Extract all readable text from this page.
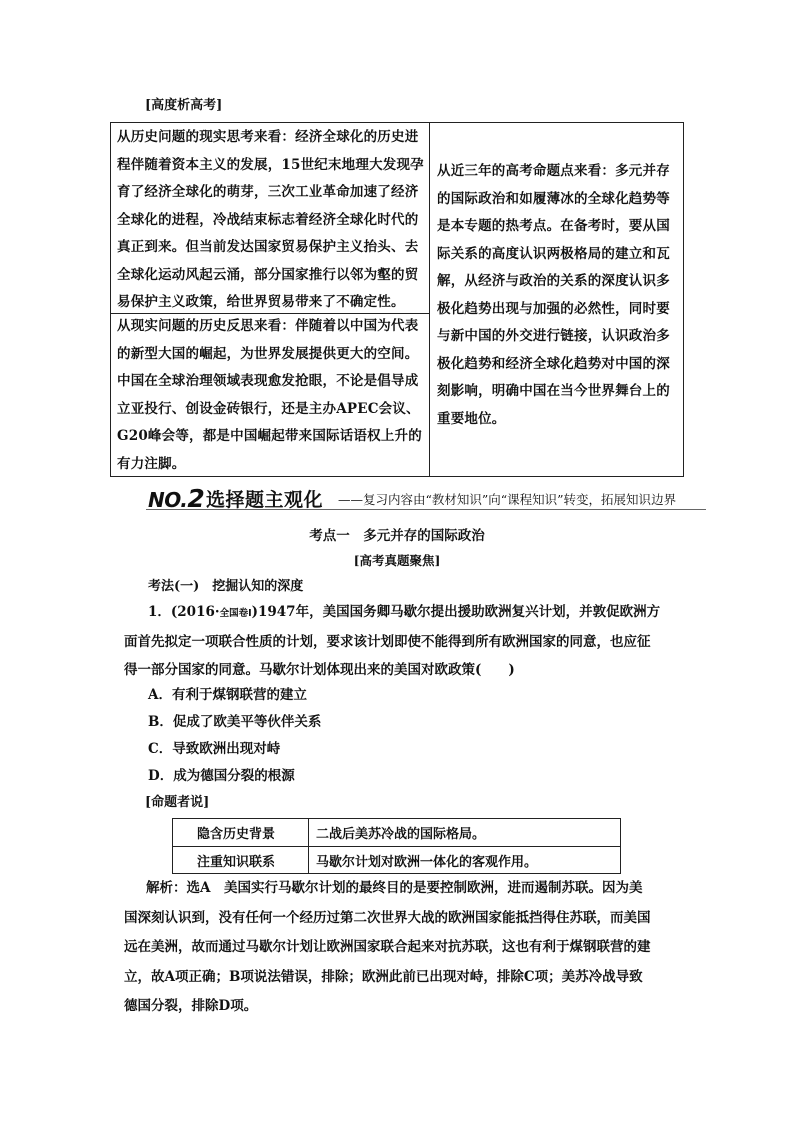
[高度析高考]
从历史问题的现实思考来看：经济全球化的历史进程伴随着资本主义的发展，15世纪末地理大发现孕育了经济全球化的萌芽，三次工业革命加速了经济全球化的进程，冷战结束标志着经济全球化时代的真正到来。但当前发达国家贸易保护主义抬头、去全球化运动风起云涌，部分国家推行以邻为壑的贸易保护主义政策，给世界贸易带来了不确定性。
从现实问题的历史反思来看：伴随着以中国为代表的新型大国的崛起，为世界发展提供更大的空间。中国在全球治理领域表现愈发抢眼，不论是倡导成立亚投行、创设金砖银行，还是主办APEC会议、G20峰会等，都是中国崛起带来国际话语权上升的有力注脚。
从近三年的高考命题点来看：多元并存的国际政治和如履薄冰的全球化趋势等是本专题的热考点。在备考时，要从国际关系的高度认识两极格局的建立和瓦解，从经济与政治的关系的深度认识多极化趋势出现与加强的必然性，同时要与新中国的外交进行链接，认识政治多极化趋势和经济全球化趋势对中国的深刻影响，明确中国在当今世界舞台上的重要地位。
NO.2 选择题主观化 ——复习内容由“教材知识”向“课程知识”转变，拓展知识边界
考点一　多元并存的国际政治
[高考真题聚焦]
考法(一)　挖掘认知的深度
1．(2016·全国卷Ⅰ)1947年，美国国务卿马歇尔提出援助欧洲复兴计划，并敦促欧洲方
面首先拟定一项联合性质的计划，要求该计划即使不能得到所有欧洲国家的同意，也应征
得一部分国家的同意。马歇尔计划体现出来的美国对欧政策(　　)
A．有利于煤钢联营的建立
B．促成了欧美平等伙伴关系
C．导致欧洲出现对峙
D．成为德国分裂的根源
[命题者说]
隐含历史背景	二战后美苏冷战的国际格局。
注重知识联系	马歇尔计划对欧洲一体化的客观作用。
解析：选A　美国实行马歇尔计划的最终目的是要控制欧洲，进而遏制苏联。因为美
国深刻认识到，没有任何一个经历过第二次世界大战的欧洲国家能抵挡得住苏联，而美国
远在美洲，故而通过马歇尔计划让欧洲国家联合起来对抗苏联，这也有利于煤钢联营的建
立，故A项正确；B项说法错误，排除；欧洲此前已出现对峙，排除C项；美苏冷战导致
德国分裂，排除D项。
